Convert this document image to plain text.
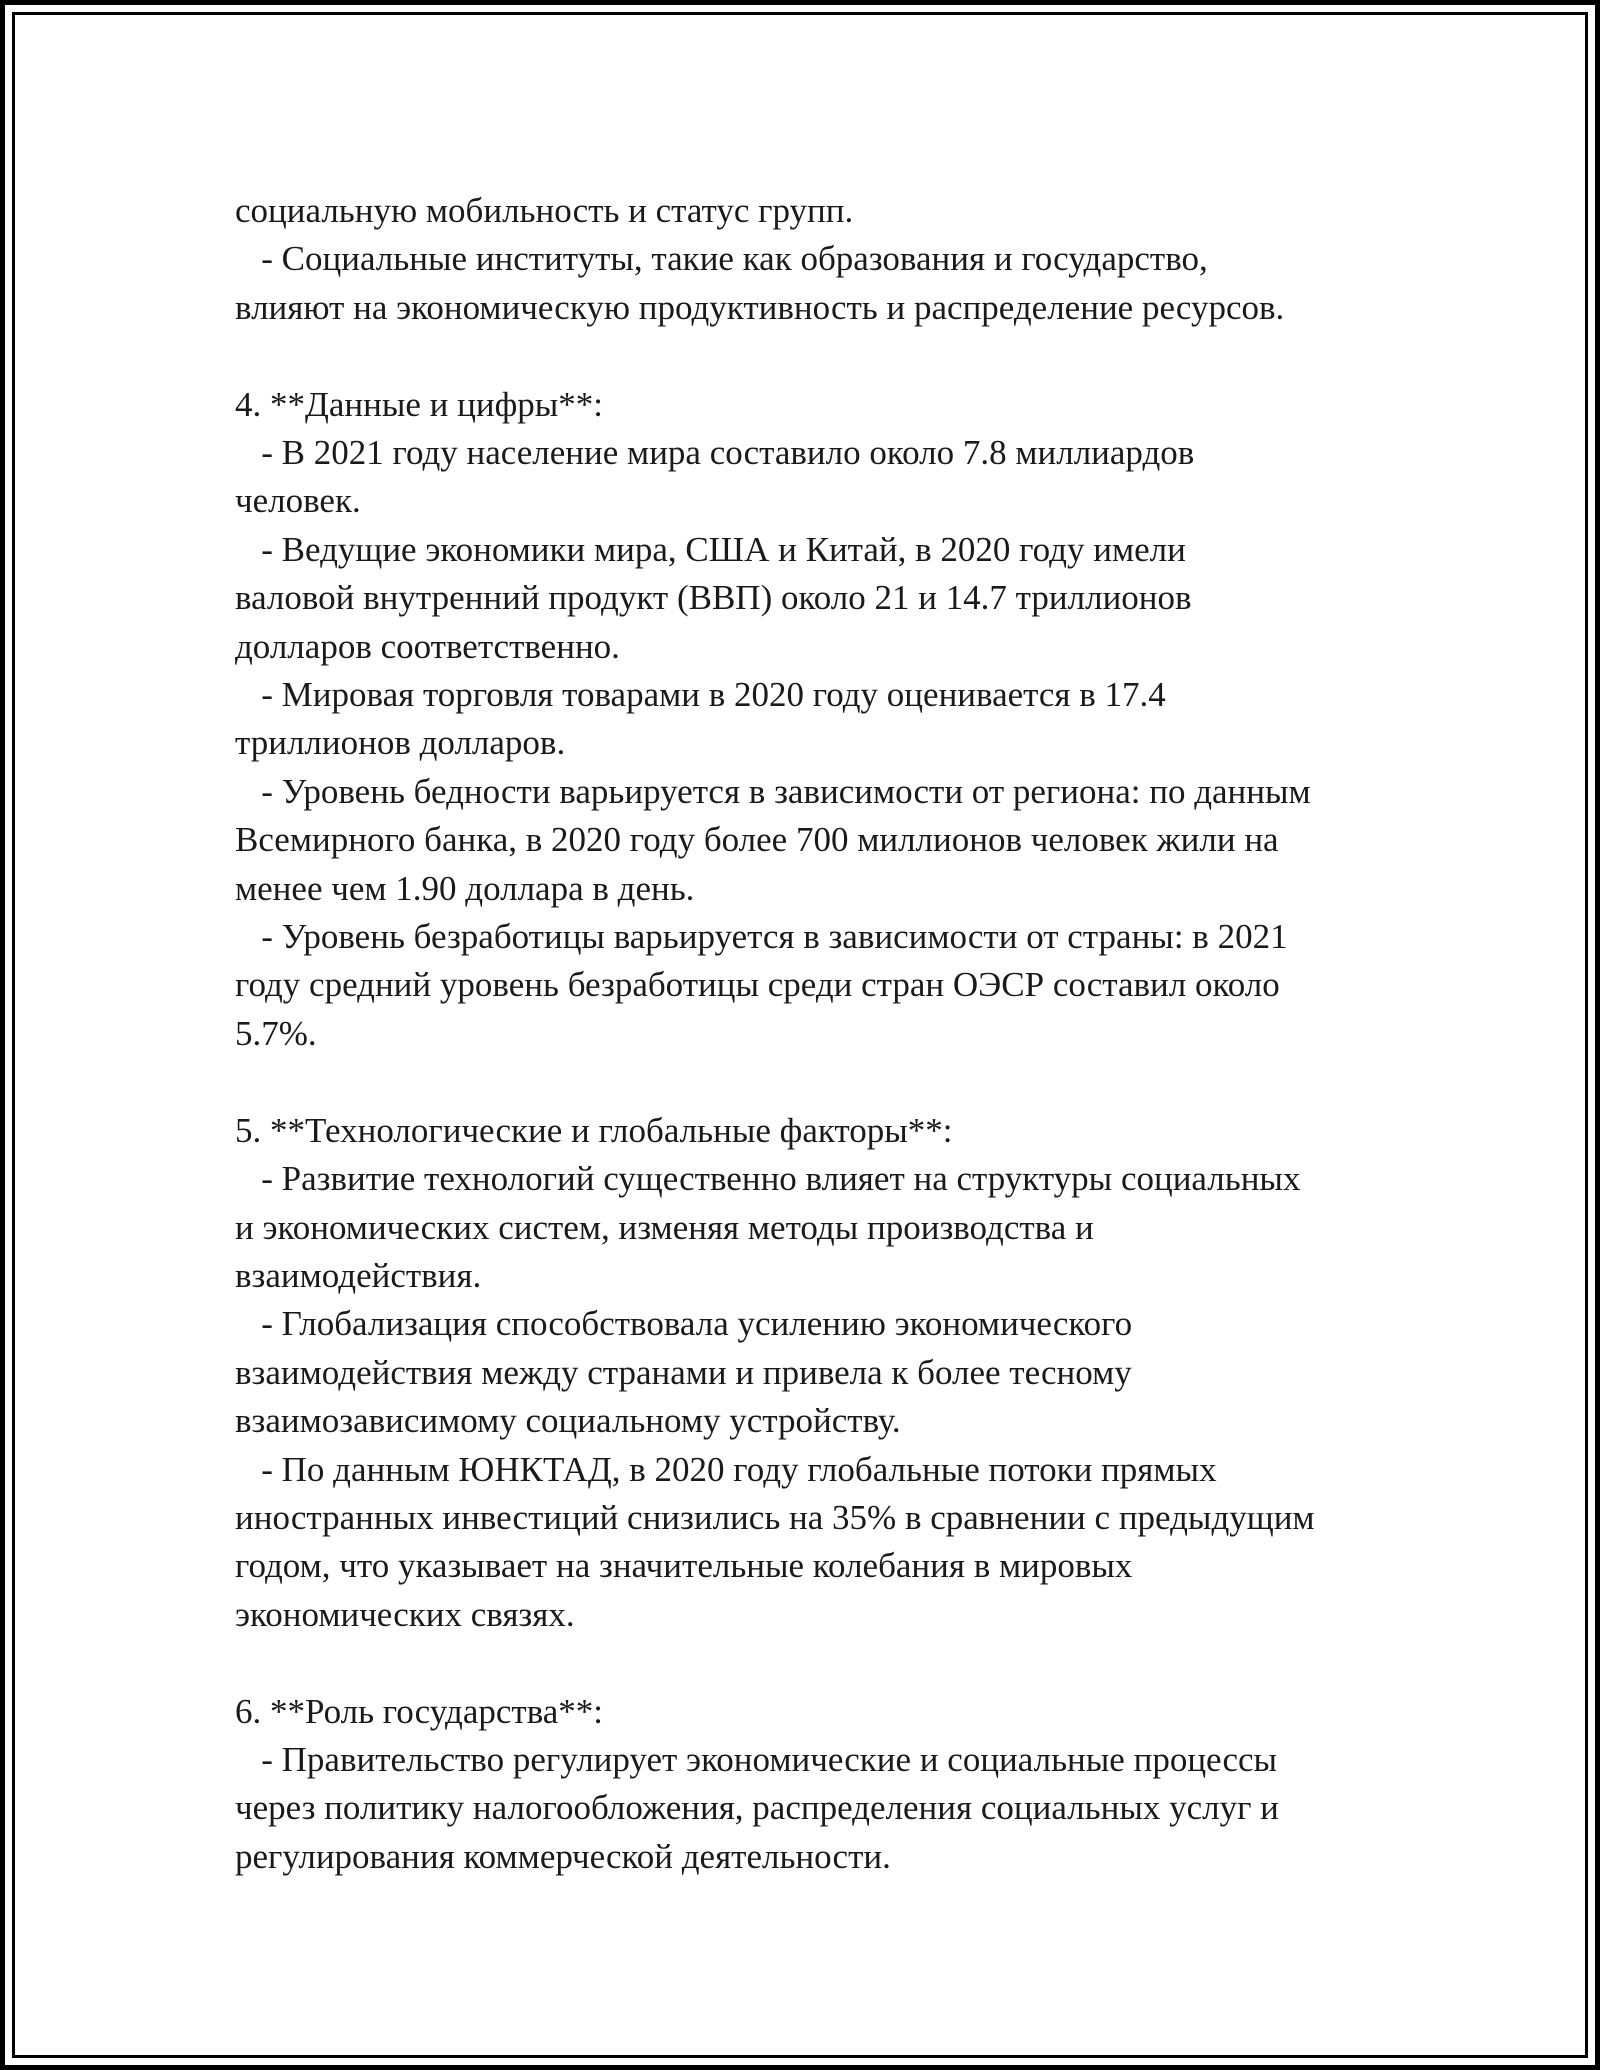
социальную мобильность и статус групп.

- Социальные институты, такие как образования и государство,
влияют на экономическую продуктивность и распределение ресурсов.

4. **Данные и цифры**:

- В 2021 году население мира составило около 7.8 миллиардов
человек.

- Ведущие экономики мира, США и Китай, в 2020 году имели
валовой внутренний продукт (ВВП) около 21 и 14.7 триллионов
долларов соответственно.

- Мировая торговля товарами в 2020 году оценивается в 17.4
триллионов долларов.

- Уровень бедности варьируется в зависимости от региона: по данным
Всемирного банка, в 2020 году более 700 миллионов человек жили на
менее чем 1.90 доллара в день.

- Уровень безработицы варьируется в зависимости от страны: в 2021
году средний уровень безработицы среди стран ОЭСР составил около
5.7%.

5. **Технологические и глобальные факторы**:

- Развитие технологий существенно влияет на структуры социальных
и экономических систем, изменяя методы производства и
взаимодействия.

- Глобализация способствовала усилению экономического
взаимодействия между странами и привела к более тесному
взаимозависимому социальному устройству.

- По данным ЮНКТАД, в 2020 году глобальные потоки прямых
иностранных инвестиций снизились на 35% в сравнении с предыдущим
годом, что указывает на значительные колебания в мировых
экономических связях.

6. **Роль государства**:

- Правительство регулирует экономические и социальные процессы
через политику налогообложения, распределения социальных услуг и
регулирования коммерческой деятельности.
